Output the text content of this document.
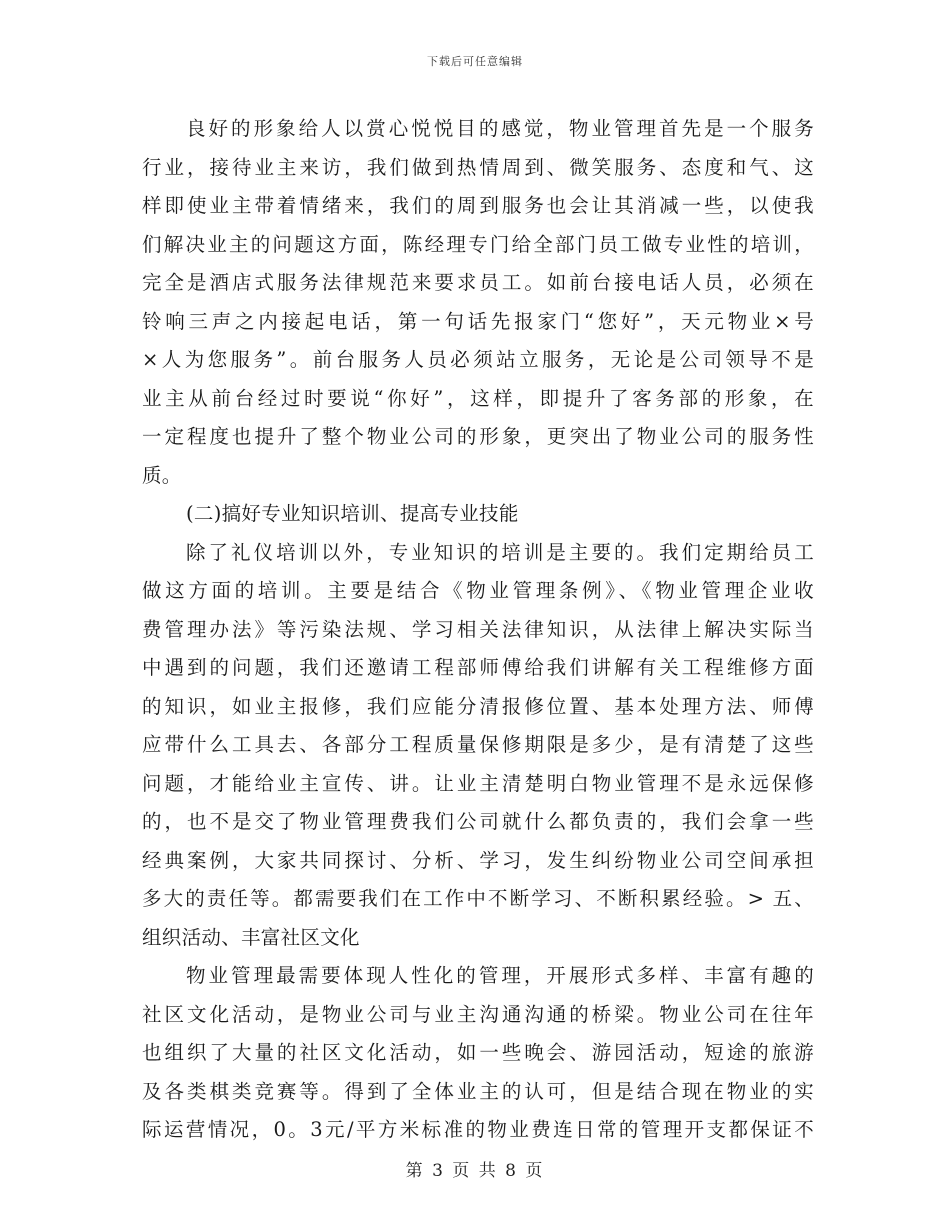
下载后可任意编辑
良好的形象给人以赏心悦悦目的感觉，物业管理首先是一个服务
行业，接待业主来访，我们做到热情周到、微笑服务、态度和气、这
样即使业主带着情绪来，我们的周到服务也会让其消减一些，以使我
们解决业主的问题这方面，陈经理专门给全部门员工做专业性的培训，
完全是酒店式服务法律规范来要求员工。如前台接电话人员，必须在
铃响三声之内接起电话，第一句话先报家门“您好”，天元物业×号
×人为您服务”。前台服务人员必须站立服务，无论是公司领导不是
业主从前台经过时要说“你好”，这样，即提升了客务部的形象，在
一定程度也提升了整个物业公司的形象，更突出了物业公司的服务性
质。
(二)搞好专业知识培训、提高专业技能
除了礼仪培训以外，专业知识的培训是主要的。我们定期给员工
做这方面的培训。主要是结合《物业管理条例》、《物业管理企业收
费管理办法》等污染法规、学习相关法律知识，从法律上解决实际当
中遇到的问题，我们还邀请工程部师傅给我们讲解有关工程维修方面
的知识，如业主报修，我们应能分清报修位置、基本处理方法、师傅
应带什么工具去、各部分工程质量保修期限是多少，是有清楚了这些
问题，才能给业主宣传、讲。让业主清楚明白物业管理不是永远保修
的，也不是交了物业管理费我们公司就什么都负责的，我们会拿一些
经典案例，大家共同探讨、分析、学习，发生纠纷物业公司空间承担
多大的责任等。都需要我们在工作中不断学习、不断积累经验。> 五、
组织活动、丰富社区文化
物业管理最需要体现人性化的管理，开展形式多样、丰富有趣的
社区文化活动，是物业公司与业主沟通沟通的桥梁。物业公司在往年
也组织了大量的社区文化活动，如一些晚会、游园活动，短途的旅游
及各类棋类竞赛等。得到了全体业主的认可，但是结合现在物业的实
际运营情况，0。3元/平方米标准的物业费连日常的管理开支都保证不
第 3 页 共 8 页
